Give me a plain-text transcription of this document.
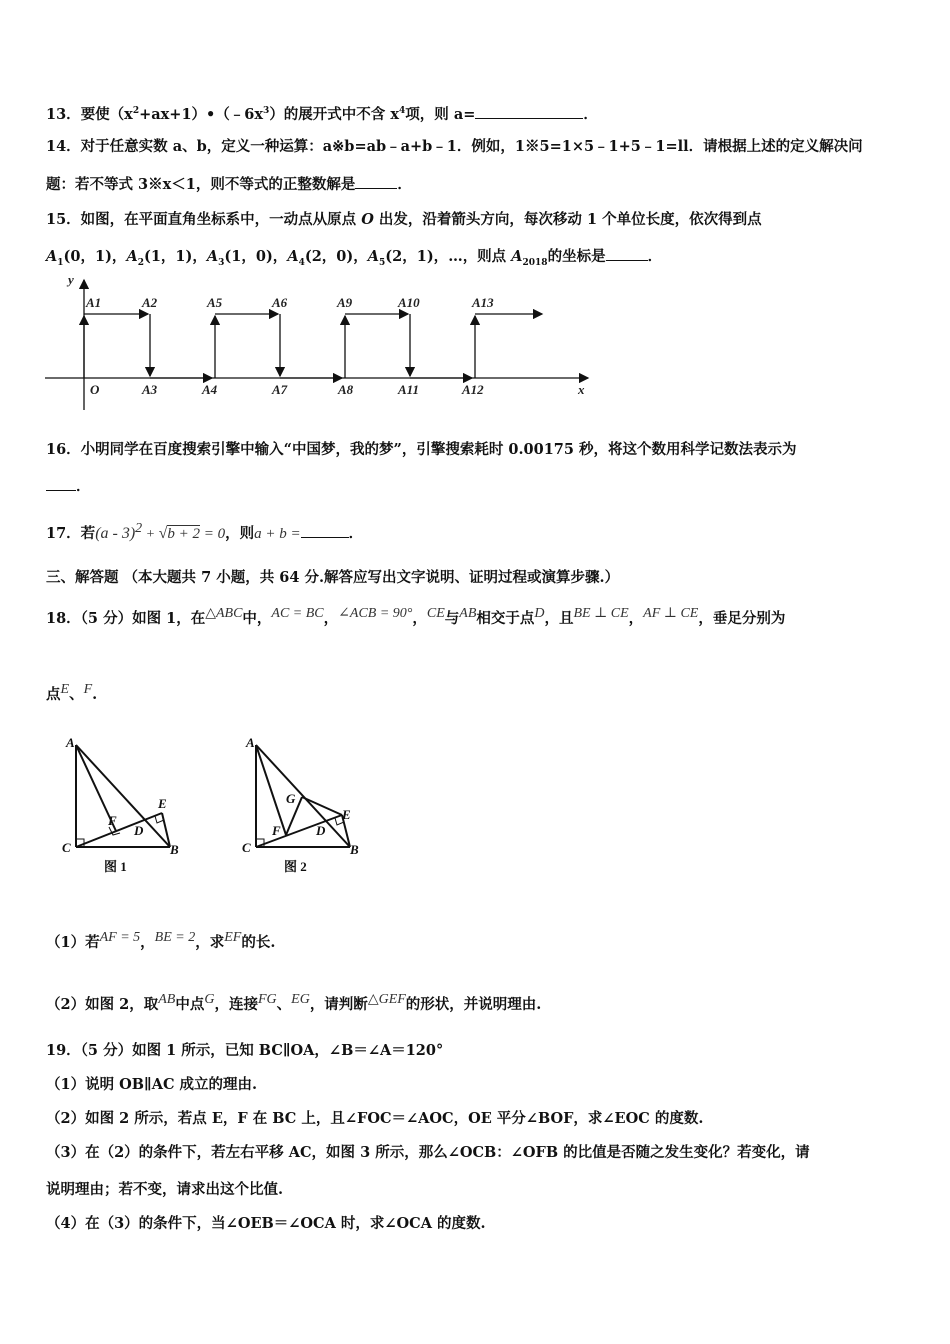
13．要使$(x^2+ax+1)•(﹣6x^3)$的展开式中不含 $x^4$项，则 a=	．
14．对于任意实数 a、b，定义一种运算：a※b=ab﹣a+b﹣1．例如，1※5=1×5﹣1+5﹣1=ll．请根据上述的定义解决问
题：若不等式 3※x＜1，则不等式的正整数解是	．
15．如图，在平面直角坐标系中，一动点从原点 O 出发，沿着箭头方向，每次移动 1 个单位长度，依次得到点
$A_1(0$，1)，$A_2(1$，1)，$A_3(1$，0)，$A_4(2$，0)，$A_5(2$，1)，…，则点 $A_{2018}$的坐标是	．
y
x
O
A1	A2	A5	A6	A9	A10	A13
A3	A4	A7	A8	A11	A12
16．小明同学在百度搜索引擎中输入“中国梦，我的梦”，引擎搜索耗时 0.00175 秒，将这个数用科学记数法表示为
．
17．若(a - 3)$^2$ + √b + 2 = 0，则a + b =	．
三、解答题 （本大题共 7 小题，共 64 分.解答应写出文字说明、证明过程或演算步骤.）
18．（5 分）如图 1，在$^{\triangle ABC}$中，$^{AC = BC}$，$^{\angle ACB = 90^\circ}$，$^{CE}$与$^{AB}$相交于点$^D$，且$^{BE \perp CE}$，$^{AF \perp CE}$，垂足分别为
点$^E$、$^F$.
A
C	B
F
D
E
图 1
A
C	B
G
F	D
E
图 2
（1）若$^{AF = 5}$，$^{BE = 2}$，求$^{EF}$的长.
（2）如图 2，取$^{AB}$中点$^G$，连接$^{FG}$、$^{EG}$，请判断$^{\triangle GEF}$的形状，并说明理由.
19．（5 分）如图 1 所示，已知 BC∥OA，∠B＝∠A＝120°
（1）说明 OB∥AC 成立的理由.
（2）如图 2 所示，若点 E，F 在 BC 上，且∠FOC＝∠AOC，OE 平分∠BOF，求∠EOC 的度数.
（3）在（2）的条件下，若左右平移 AC，如图 3 所示，那么∠OCB：∠OFB 的比值是否随之发生变化？若变化，请
说明理由；若不变，请求出这个比值.
（4）在（3）的条件下，当∠OEB＝∠OCA 时，求∠OCA 的度数.
